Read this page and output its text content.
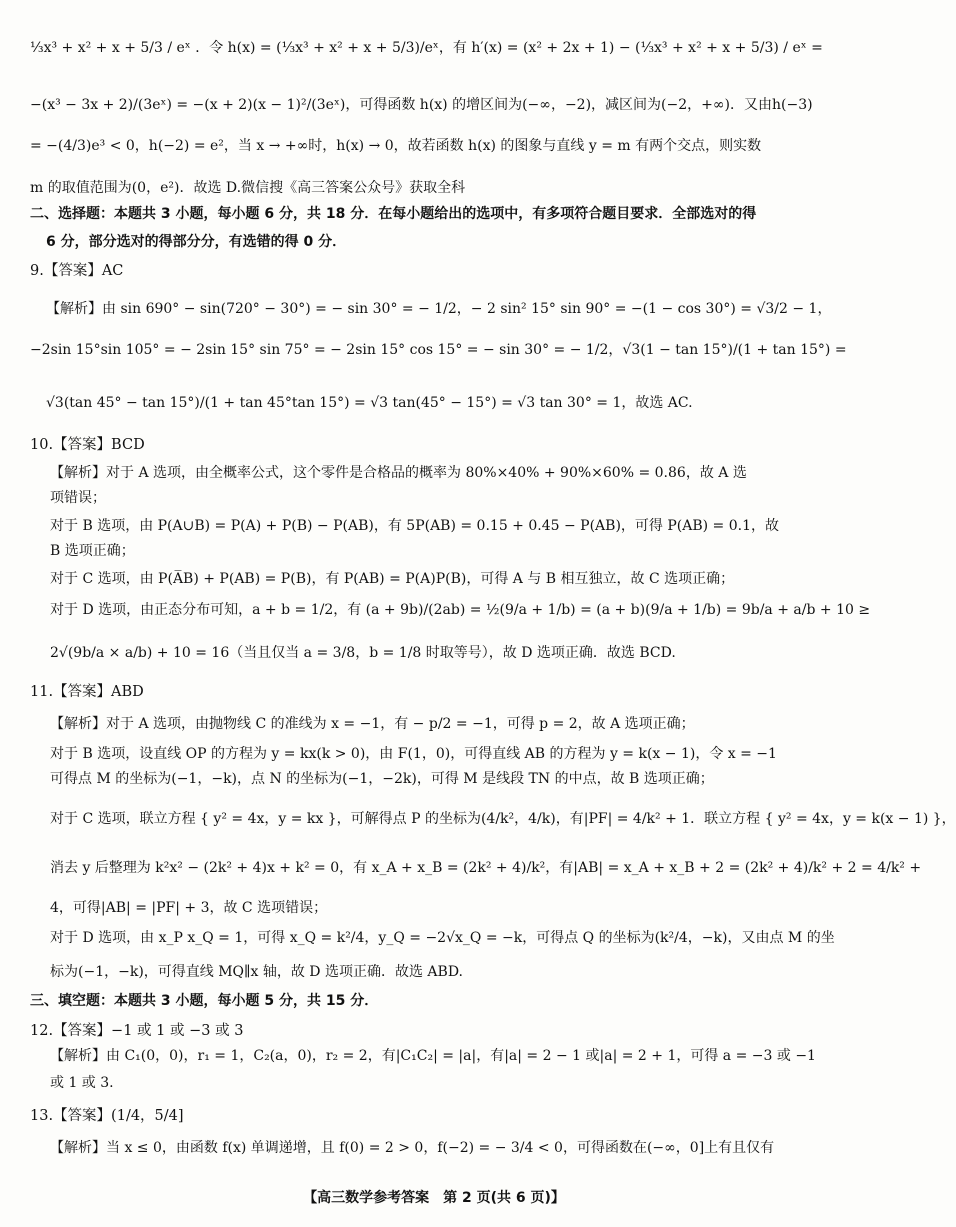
⅓x³ + x² + x + 5/3 / eˣ ．令 h(x) = (⅓x³ + x² + x + 5/3)/eˣ，有 h′(x) = (x² + 2x + 1) − (⅓x³ + x² + x + 5/3) / eˣ =
−(x³ − 3x + 2)/(3eˣ) = −(x + 2)(x − 1)²/(3eˣ)，可得函数 h(x) 的增区间为(−∞，−2)，减区间为(−2，+∞)．又由h(−3)
= −(4/3)e³ < 0，h(−2) = e²，当 x → +∞时，h(x) → 0，故若函数 h(x) 的图象与直线 y = m 有两个交点，则实数
m 的取值范围为(0，e²)．故选 D.微信搜《高三答案公众号》获取全科
二、选择题：本题共 3 小题，每小题 6 分，共 18 分．在每小题给出的选项中，有多项符合题目要求．全部选对的得
6 分，部分选对的得部分分，有选错的得 0 分．
9.【答案】AC
【解析】由 sin 690° − sin(720° − 30°) = − sin 30° = − 1/2，− 2 sin² 15° sin 90° = −(1 − cos 30°) = √3/2 − 1，
−2sin 15°sin 105° = − 2sin 15° sin 75° = − 2sin 15° cos 15° = − sin 30° = − 1/2，√3(1 − tan 15°)/(1 + tan 15°) =
√3(tan 45° − tan 15°)/(1 + tan 45°tan 15°) = √3 tan(45° − 15°) = √3 tan 30° = 1，故选 AC.
10.【答案】BCD
【解析】对于 A 选项，由全概率公式，这个零件是合格品的概率为 80%×40% + 90%×60% = 0.86，故 A 选
项错误；
对于 B 选项，由 P(A∪B) = P(A) + P(B) − P(AB)，有 5P(AB) = 0.15 + 0.45 − P(AB)，可得 P(AB) = 0.1，故
B 选项正确；
对于 C 选项，由 P(A̅B) + P(AB) = P(B)，有 P(AB) = P(A)P(B)，可得 A 与 B 相互独立，故 C 选项正确；
对于 D 选项，由正态分布可知，a + b = 1/2，有 (a + 9b)/(2ab) = ½(9/a + 1/b) = (a + b)(9/a + 1/b) = 9b/a + a/b + 10 ≥
2√(9b/a × a/b) + 10 = 16（当且仅当 a = 3/8，b = 1/8 时取等号），故 D 选项正确．故选 BCD.
11.【答案】ABD
【解析】对于 A 选项，由抛物线 C 的准线为 x = −1，有 − p/2 = −1，可得 p = 2，故 A 选项正确；
对于 B 选项，设直线 OP 的方程为 y = kx(k > 0)，由 F(1，0)，可得直线 AB 的方程为 y = k(x − 1)，令 x = −1
可得点 M 的坐标为(−1，−k)，点 N 的坐标为(−1，−2k)，可得 M 是线段 TN 的中点，故 B 选项正确；
对于 C 选项，联立方程 { y² = 4x，y = kx }，可解得点 P 的坐标为(4/k²，4/k)，有|PF| = 4/k² + 1．联立方程 { y² = 4x，y = k(x − 1) }，
消去 y 后整理为 k²x² − (2k² + 4)x + k² = 0，有 x_A + x_B = (2k² + 4)/k²，有|AB| = x_A + x_B + 2 = (2k² + 4)/k² + 2 = 4/k² +
4，可得|AB| = |PF| + 3，故 C 选项错误；
对于 D 选项，由 x_P x_Q = 1，可得 x_Q = k²/4，y_Q = −2√x_Q = −k，可得点 Q 的坐标为(k²/4，−k)，又由点 M 的坐
标为(−1，−k)，可得直线 MQ∥x 轴，故 D 选项正确．故选 ABD.
三、填空题：本题共 3 小题，每小题 5 分，共 15 分．
12.【答案】−1 或 1 或 −3 或 3
【解析】由 C₁(0，0)，r₁ = 1，C₂(a，0)，r₂ = 2，有|C₁C₂| = |a|，有|a| = 2 − 1 或|a| = 2 + 1，可得 a = −3 或 −1
或 1 或 3.
13.【答案】(1/4，5/4]
【解析】当 x ≤ 0，由函数 f(x) 单调递增，且 f(0) = 2 > 0，f(−2) = − 3/4 < 0，可得函数在(−∞，0]上有且仅有
【高三数学参考答案　第 2 页(共 6 页)】
